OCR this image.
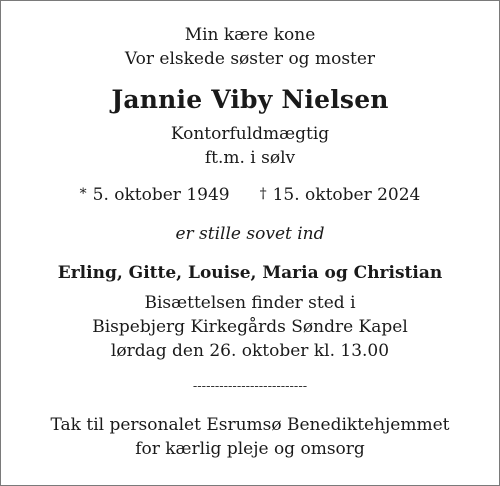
Min kære kone
Vor elskede søster og moster
Jannie Viby Nielsen
Kontorfuldmægtig
ft.m. i sølv
* 5. oktober 1949 † 15. oktober 2024
er stille sovet ind
Erling, Gitte, Louise, Maria og Christian
Bisættelsen finder sted i
Bispebjerg Kirkegårds Søndre Kapel
lørdag den 26. oktober kl. 13.00
--------------------------
Tak til personalet Esrumsø Benediktehjemmet
for kærlig pleje og omsorg
